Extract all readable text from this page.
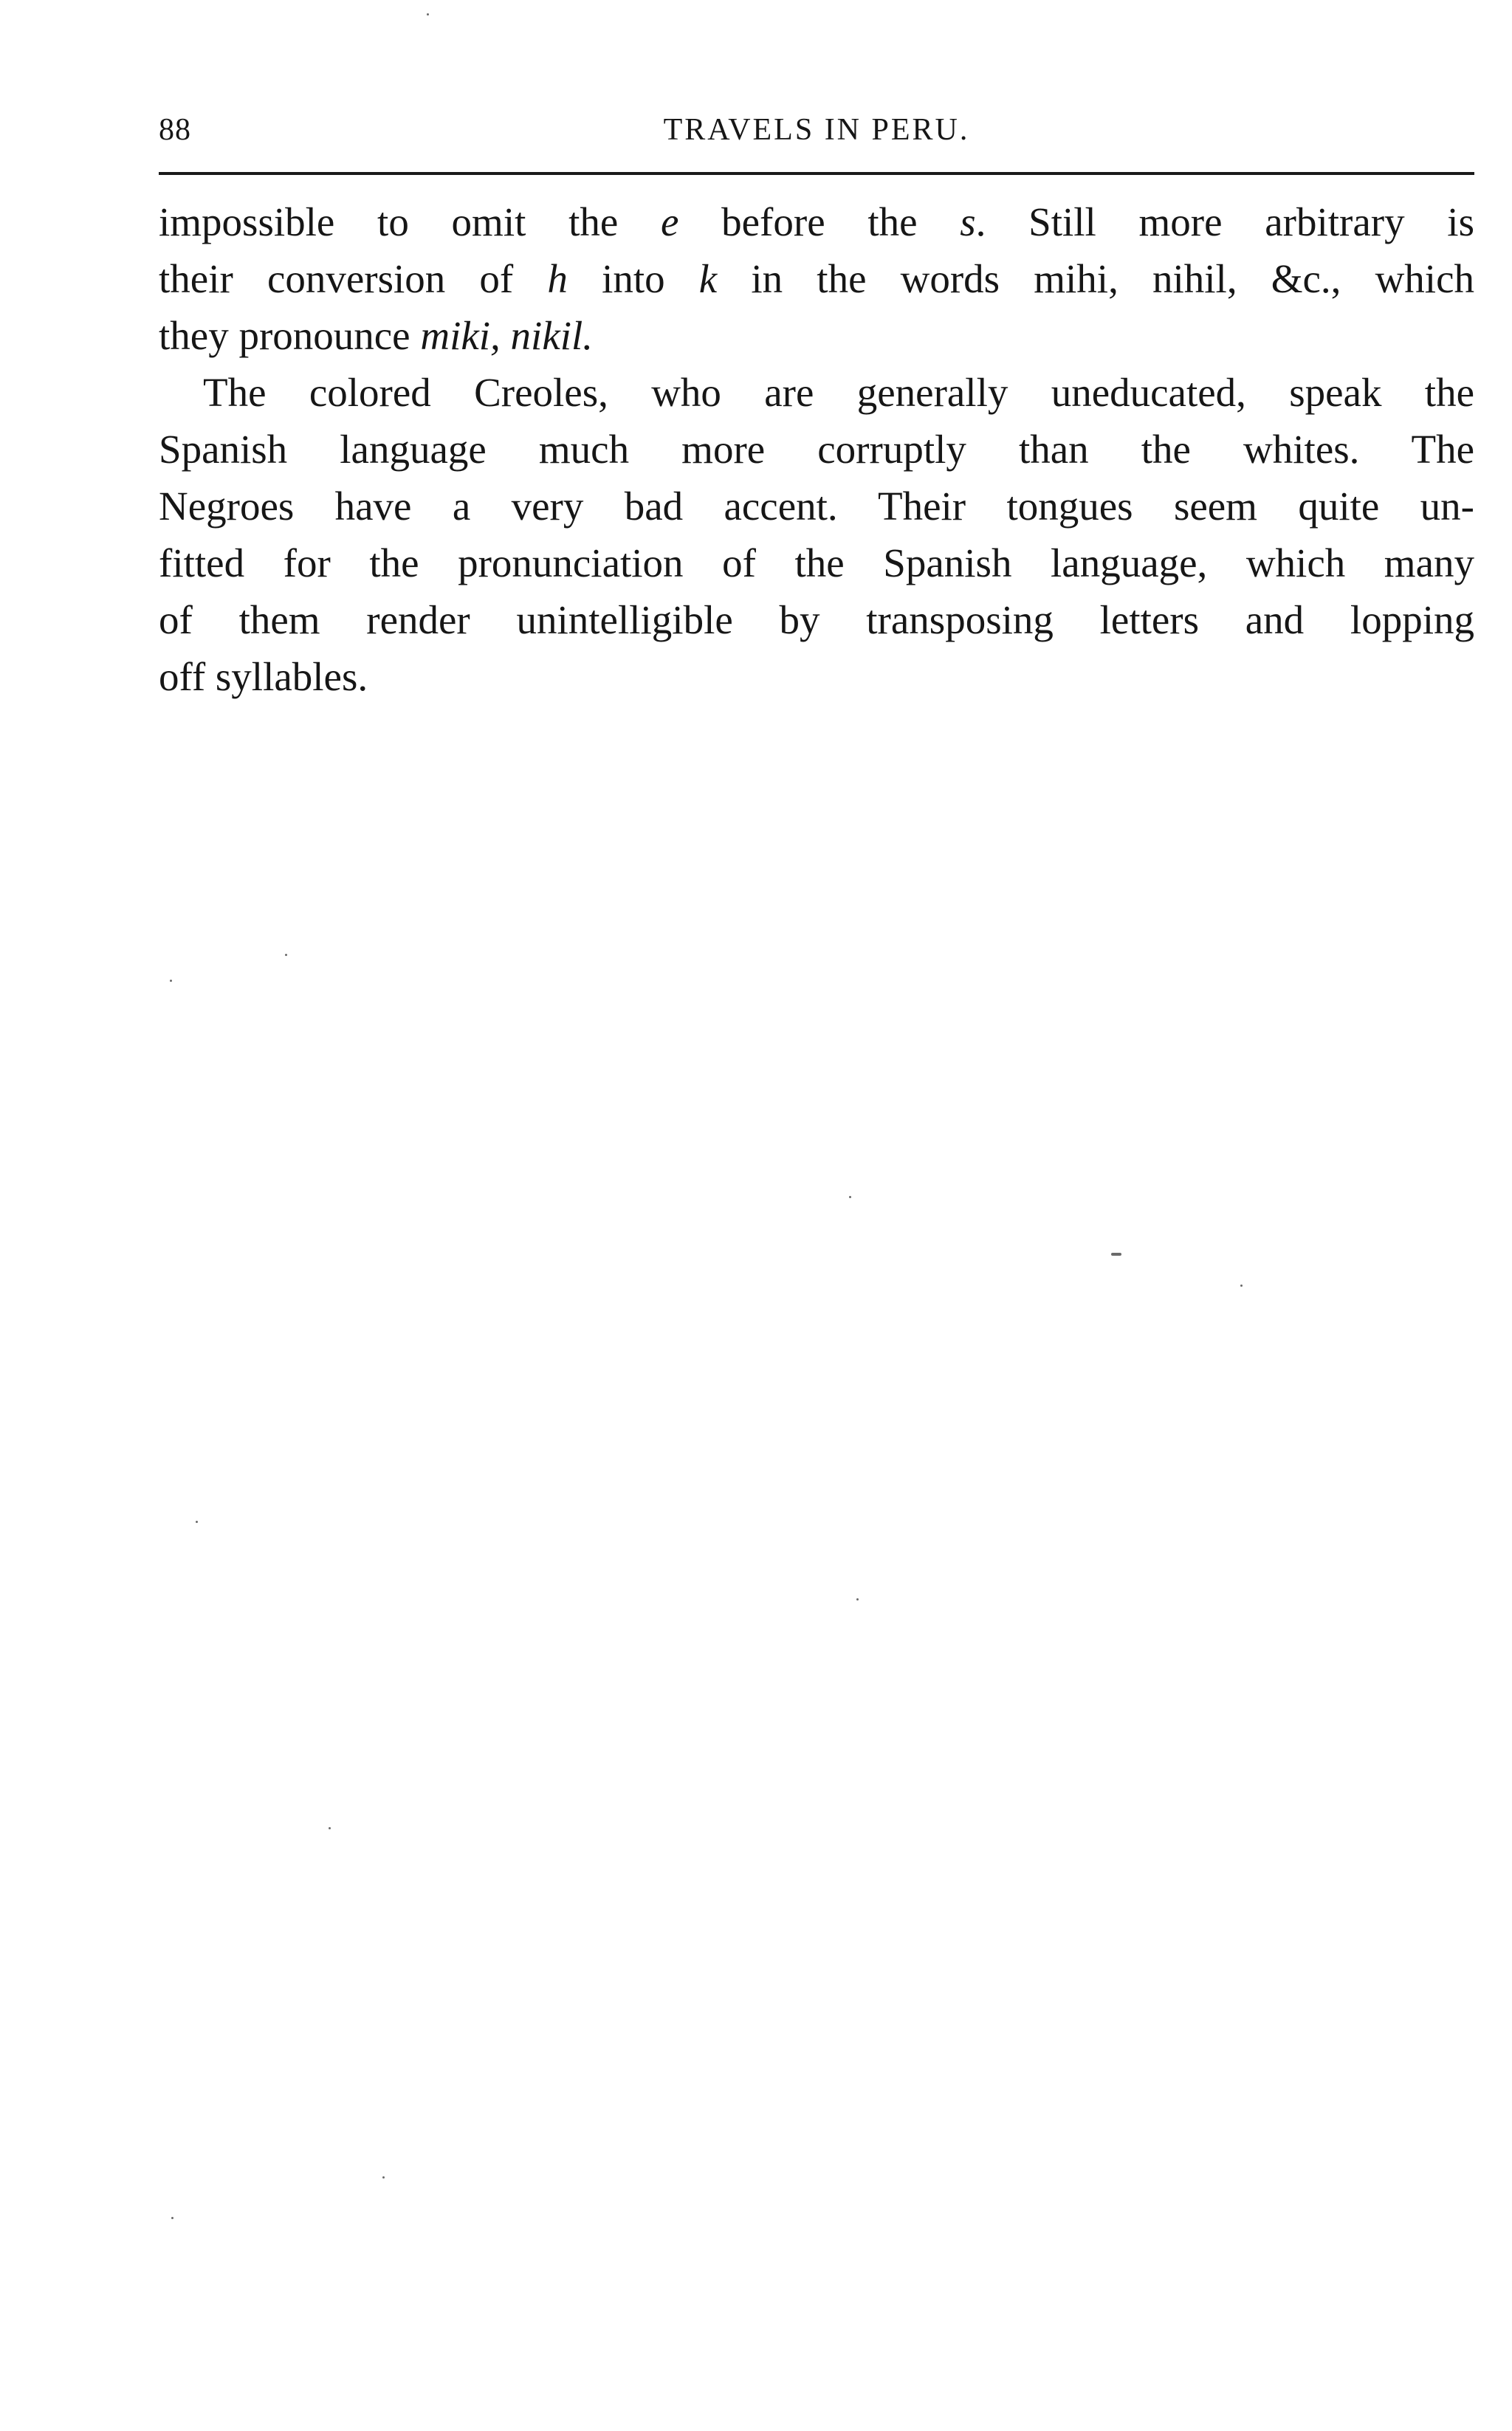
88	TRAVELS IN PERU.
impossible to omit the e before the s. Still more arbitrary is
their conversion of h into k in the words mihi, nihil, &c., which
they pronounce miki, nikil.
The colored Creoles, who are generally uneducated, speak the
Spanish language much more corruptly than the whites. The
Negroes have a very bad accent. Their tongues seem quite un-
fitted for the pronunciation of the Spanish language, which many
of them render unintelligible by transposing letters and lopping
off syllables.
